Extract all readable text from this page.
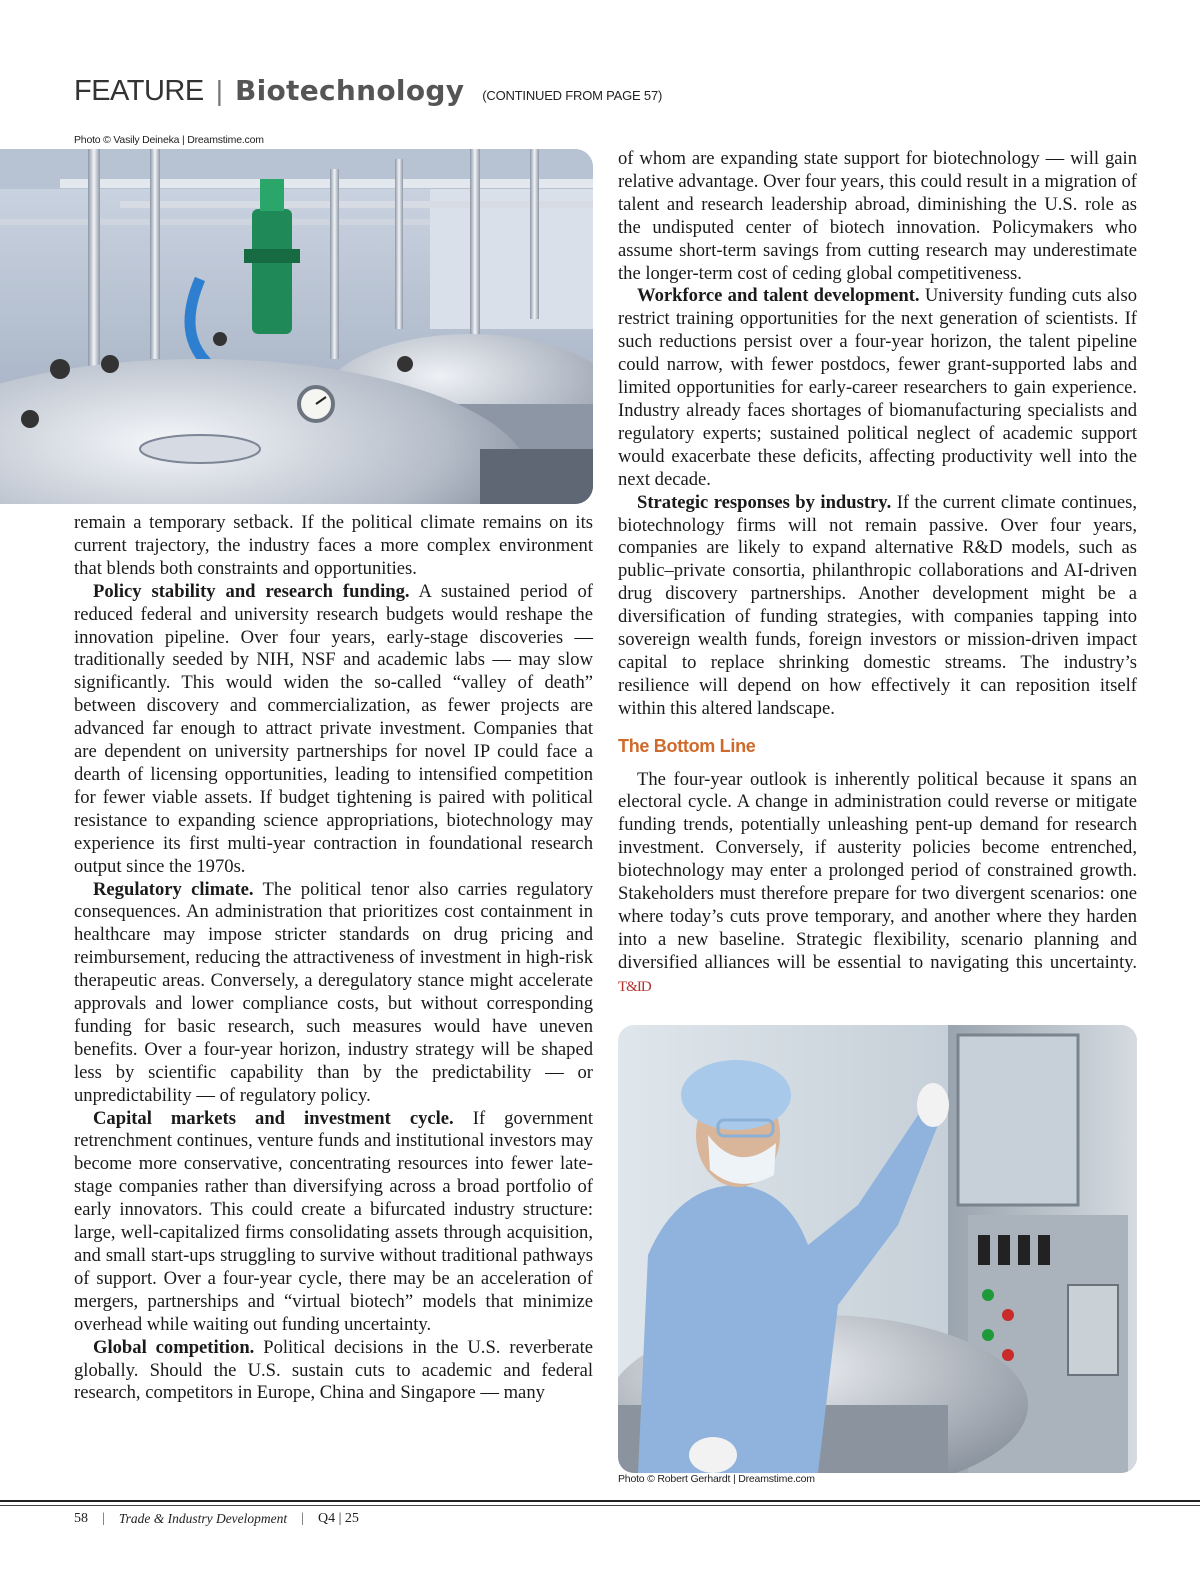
FEATURE | Biotechnology (CONTINUED FROM PAGE 57)
Photo © Vasily Deineka | Dreamstime.com

remain a temporary setback. If the political climate remains on its current trajectory, the industry faces a more complex environment that blends both constraints and opportunities.

Policy stability and research funding. A sustained period of reduced federal and university research budgets would reshape the innovation pipeline. Over four years, early-stage discoveries — traditionally seeded by NIH, NSF and academic labs — may slow significantly. This would widen the so-called “valley of death” between discovery and commercialization, as fewer projects are advanced far enough to attract private investment. Companies that are dependent on university partnerships for novel IP could face a dearth of licensing opportunities, leading to intensified competition for fewer viable assets. If budget tightening is paired with political resistance to expanding science appropriations, biotechnology may experience its first multi-year contraction in foundational research output since the 1970s.

Regulatory climate. The political tenor also carries regulatory consequences. An administration that prioritizes cost containment in healthcare may impose stricter standards on drug pricing and reimbursement, reducing the attractiveness of investment in high-risk therapeutic areas. Conversely, a deregulatory stance might accelerate approvals and lower compliance costs, but without corresponding funding for basic research, such measures would have uneven benefits. Over a four-year horizon, industry strategy will be shaped less by scientific capability than by the predictability — or unpredictability — of regulatory policy.

Capital markets and investment cycle. If government retrenchment continues, venture funds and institutional investors may become more conservative, concentrating resources into fewer late-stage companies rather than diversifying across a broad portfolio of early innovators. This could create a bifurcated industry structure: large, well-capitalized firms consolidating assets through acquisition, and small start-ups struggling to survive without traditional pathways of support. Over a four-year cycle, there may be an acceleration of mergers, partnerships and “virtual biotech” models that minimize overhead while waiting out funding uncertainty.

Global competition. Political decisions in the U.S. reverberate globally. Should the U.S. sustain cuts to academic and federal research, competitors in Europe, China and Singapore — many

of whom are expanding state support for biotechnology — will gain relative advantage. Over four years, this could result in a migration of talent and research leadership abroad, diminishing the U.S. role as the undisputed center of biotech innovation. Policymakers who assume short-term savings from cutting research may underestimate the longer-term cost of ceding global competitiveness.

Workforce and talent development. University funding cuts also restrict training opportunities for the next generation of scientists. If such reductions persist over a four-year horizon, the talent pipeline could narrow, with fewer postdocs, fewer grant-supported labs and limited opportunities for early-career researchers to gain experience. Industry already faces shortages of biomanufacturing specialists and regulatory experts; sustained political neglect of academic support would exacerbate these deficits, affecting productivity well into the next decade.

Strategic responses by industry. If the current climate continues, biotechnology firms will not remain passive. Over four years, companies are likely to expand alternative R&D models, such as public–private consortia, philanthropic collaborations and AI-driven drug discovery partnerships. Another development might be a diversification of funding strategies, with companies tapping into sovereign wealth funds, foreign investors or mission-driven impact capital to replace shrinking domestic streams. The industry’s resilience will depend on how effectively it can reposition itself within this altered landscape.

The Bottom Line

The four-year outlook is inherently political because it spans an electoral cycle. A change in administration could reverse or mitigate funding trends, potentially unleashing pent-up demand for research investment. Conversely, if austerity policies become entrenched, biotechnology may enter a prolonged period of constrained growth. Stakeholders must therefore prepare for two divergent scenarios: one where today’s cuts prove temporary, and another where they harden into a new baseline. Strategic flexibility, scenario planning and diversified alliances will be essential to navigating this uncertainty. T&ID

Photo © Robert Gerhardt | Dreamstime.com
58 | Trade & Industry Development | Q4 | 25
